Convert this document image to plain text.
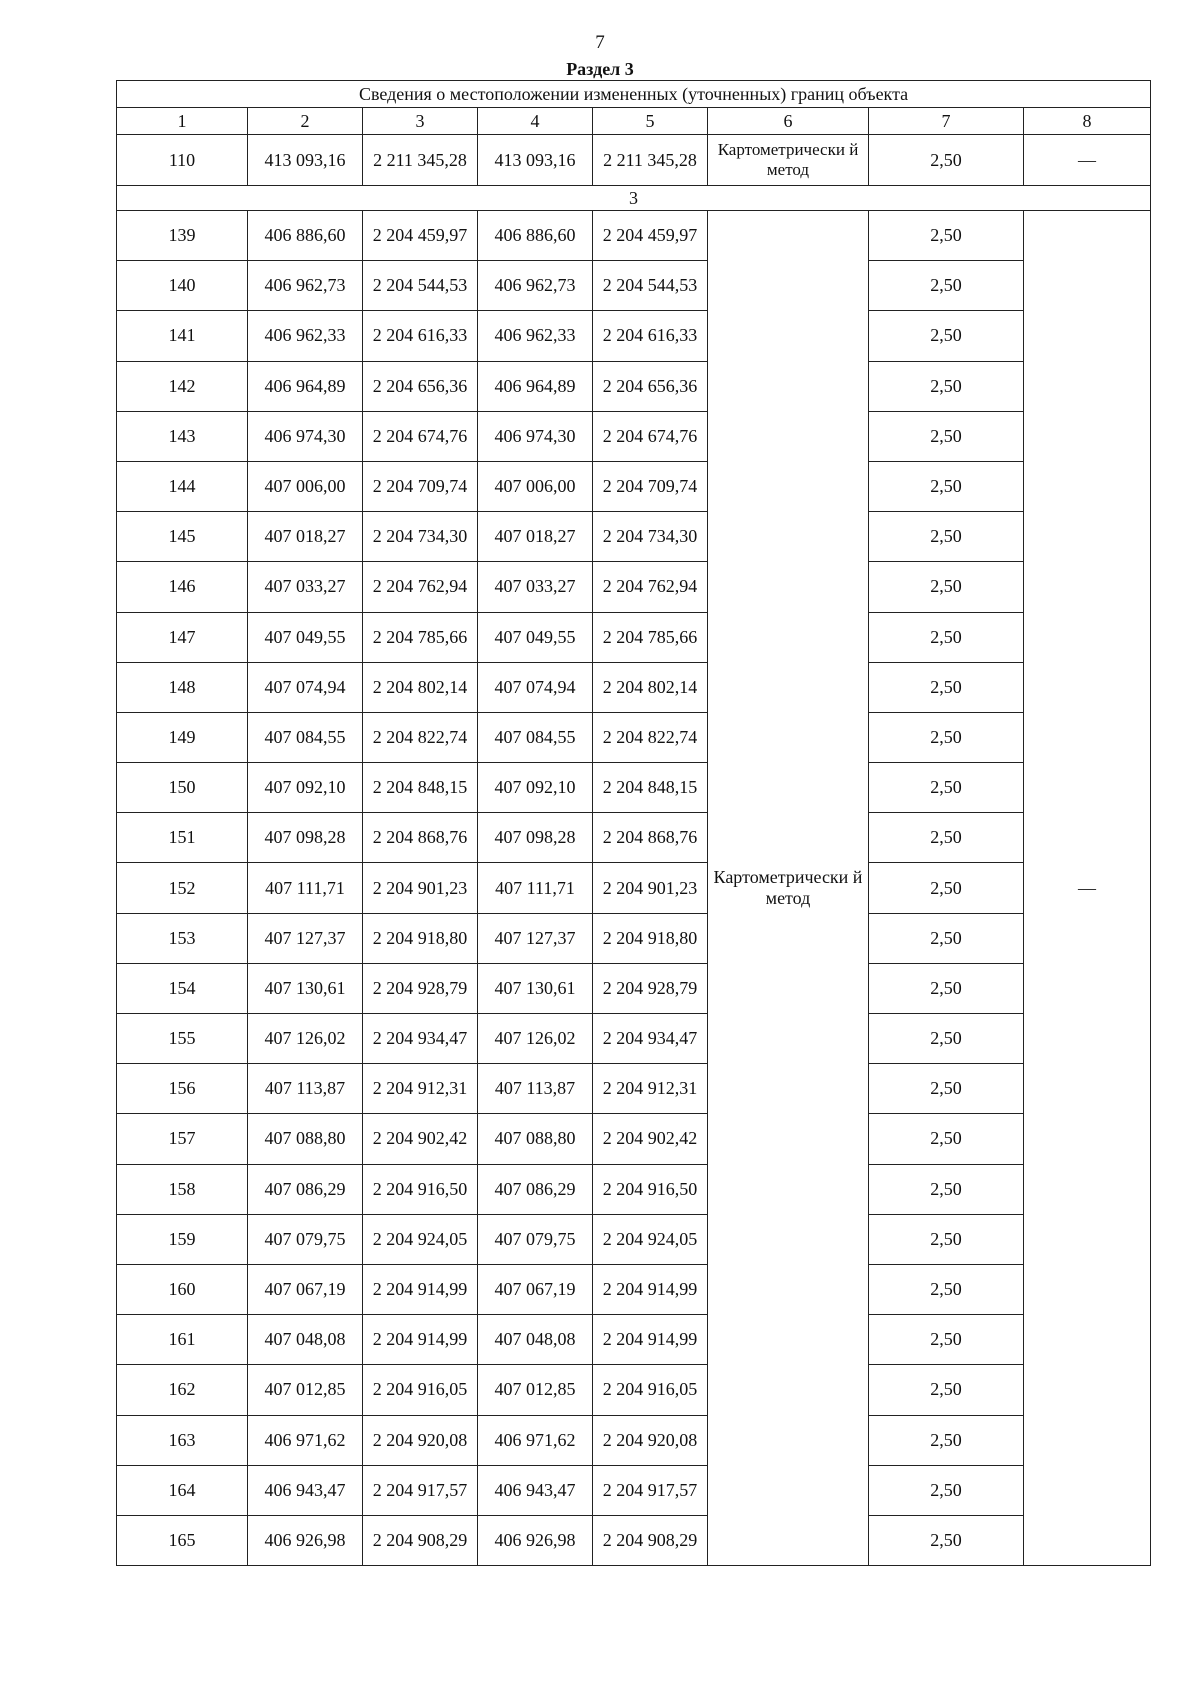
7
Раздел 3
Сведения о местоположении измененных (уточненных) границ объекта							
1	2	3	4	5	6	7	8
110	413 093,16	2 211 345,28	413 093,16	2 211 345,28	Картометрически й метод	2,50	—
3							
139	406 886,60	2 204 459,97	406 886,60	2 204 459,97	Картометрически й метод	2,50	—
140	406 962,73	2 204 544,53	406 962,73	2 204 544,53		2,50	
141	406 962,33	2 204 616,33	406 962,33	2 204 616,33		2,50	
142	406 964,89	2 204 656,36	406 964,89	2 204 656,36		2,50	
143	406 974,30	2 204 674,76	406 974,30	2 204 674,76		2,50	
144	407 006,00	2 204 709,74	407 006,00	2 204 709,74		2,50	
145	407 018,27	2 204 734,30	407 018,27	2 204 734,30		2,50	
146	407 033,27	2 204 762,94	407 033,27	2 204 762,94		2,50	
147	407 049,55	2 204 785,66	407 049,55	2 204 785,66		2,50	
148	407 074,94	2 204 802,14	407 074,94	2 204 802,14		2,50	
149	407 084,55	2 204 822,74	407 084,55	2 204 822,74		2,50	
150	407 092,10	2 204 848,15	407 092,10	2 204 848,15		2,50	
151	407 098,28	2 204 868,76	407 098,28	2 204 868,76		2,50	
152	407 111,71	2 204 901,23	407 111,71	2 204 901,23		2,50	
153	407 127,37	2 204 918,80	407 127,37	2 204 918,80		2,50	
154	407 130,61	2 204 928,79	407 130,61	2 204 928,79		2,50	
155	407 126,02	2 204 934,47	407 126,02	2 204 934,47		2,50	
156	407 113,87	2 204 912,31	407 113,87	2 204 912,31		2,50	
157	407 088,80	2 204 902,42	407 088,80	2 204 902,42		2,50	
158	407 086,29	2 204 916,50	407 086,29	2 204 916,50		2,50	
159	407 079,75	2 204 924,05	407 079,75	2 204 924,05		2,50	
160	407 067,19	2 204 914,99	407 067,19	2 204 914,99		2,50	
161	407 048,08	2 204 914,99	407 048,08	2 204 914,99		2,50	
162	407 012,85	2 204 916,05	407 012,85	2 204 916,05		2,50	
163	406 971,62	2 204 920,08	406 971,62	2 204 920,08		2,50	
164	406 943,47	2 204 917,57	406 943,47	2 204 917,57		2,50	
165	406 926,98	2 204 908,29	406 926,98	2 204 908,29		2,50	
